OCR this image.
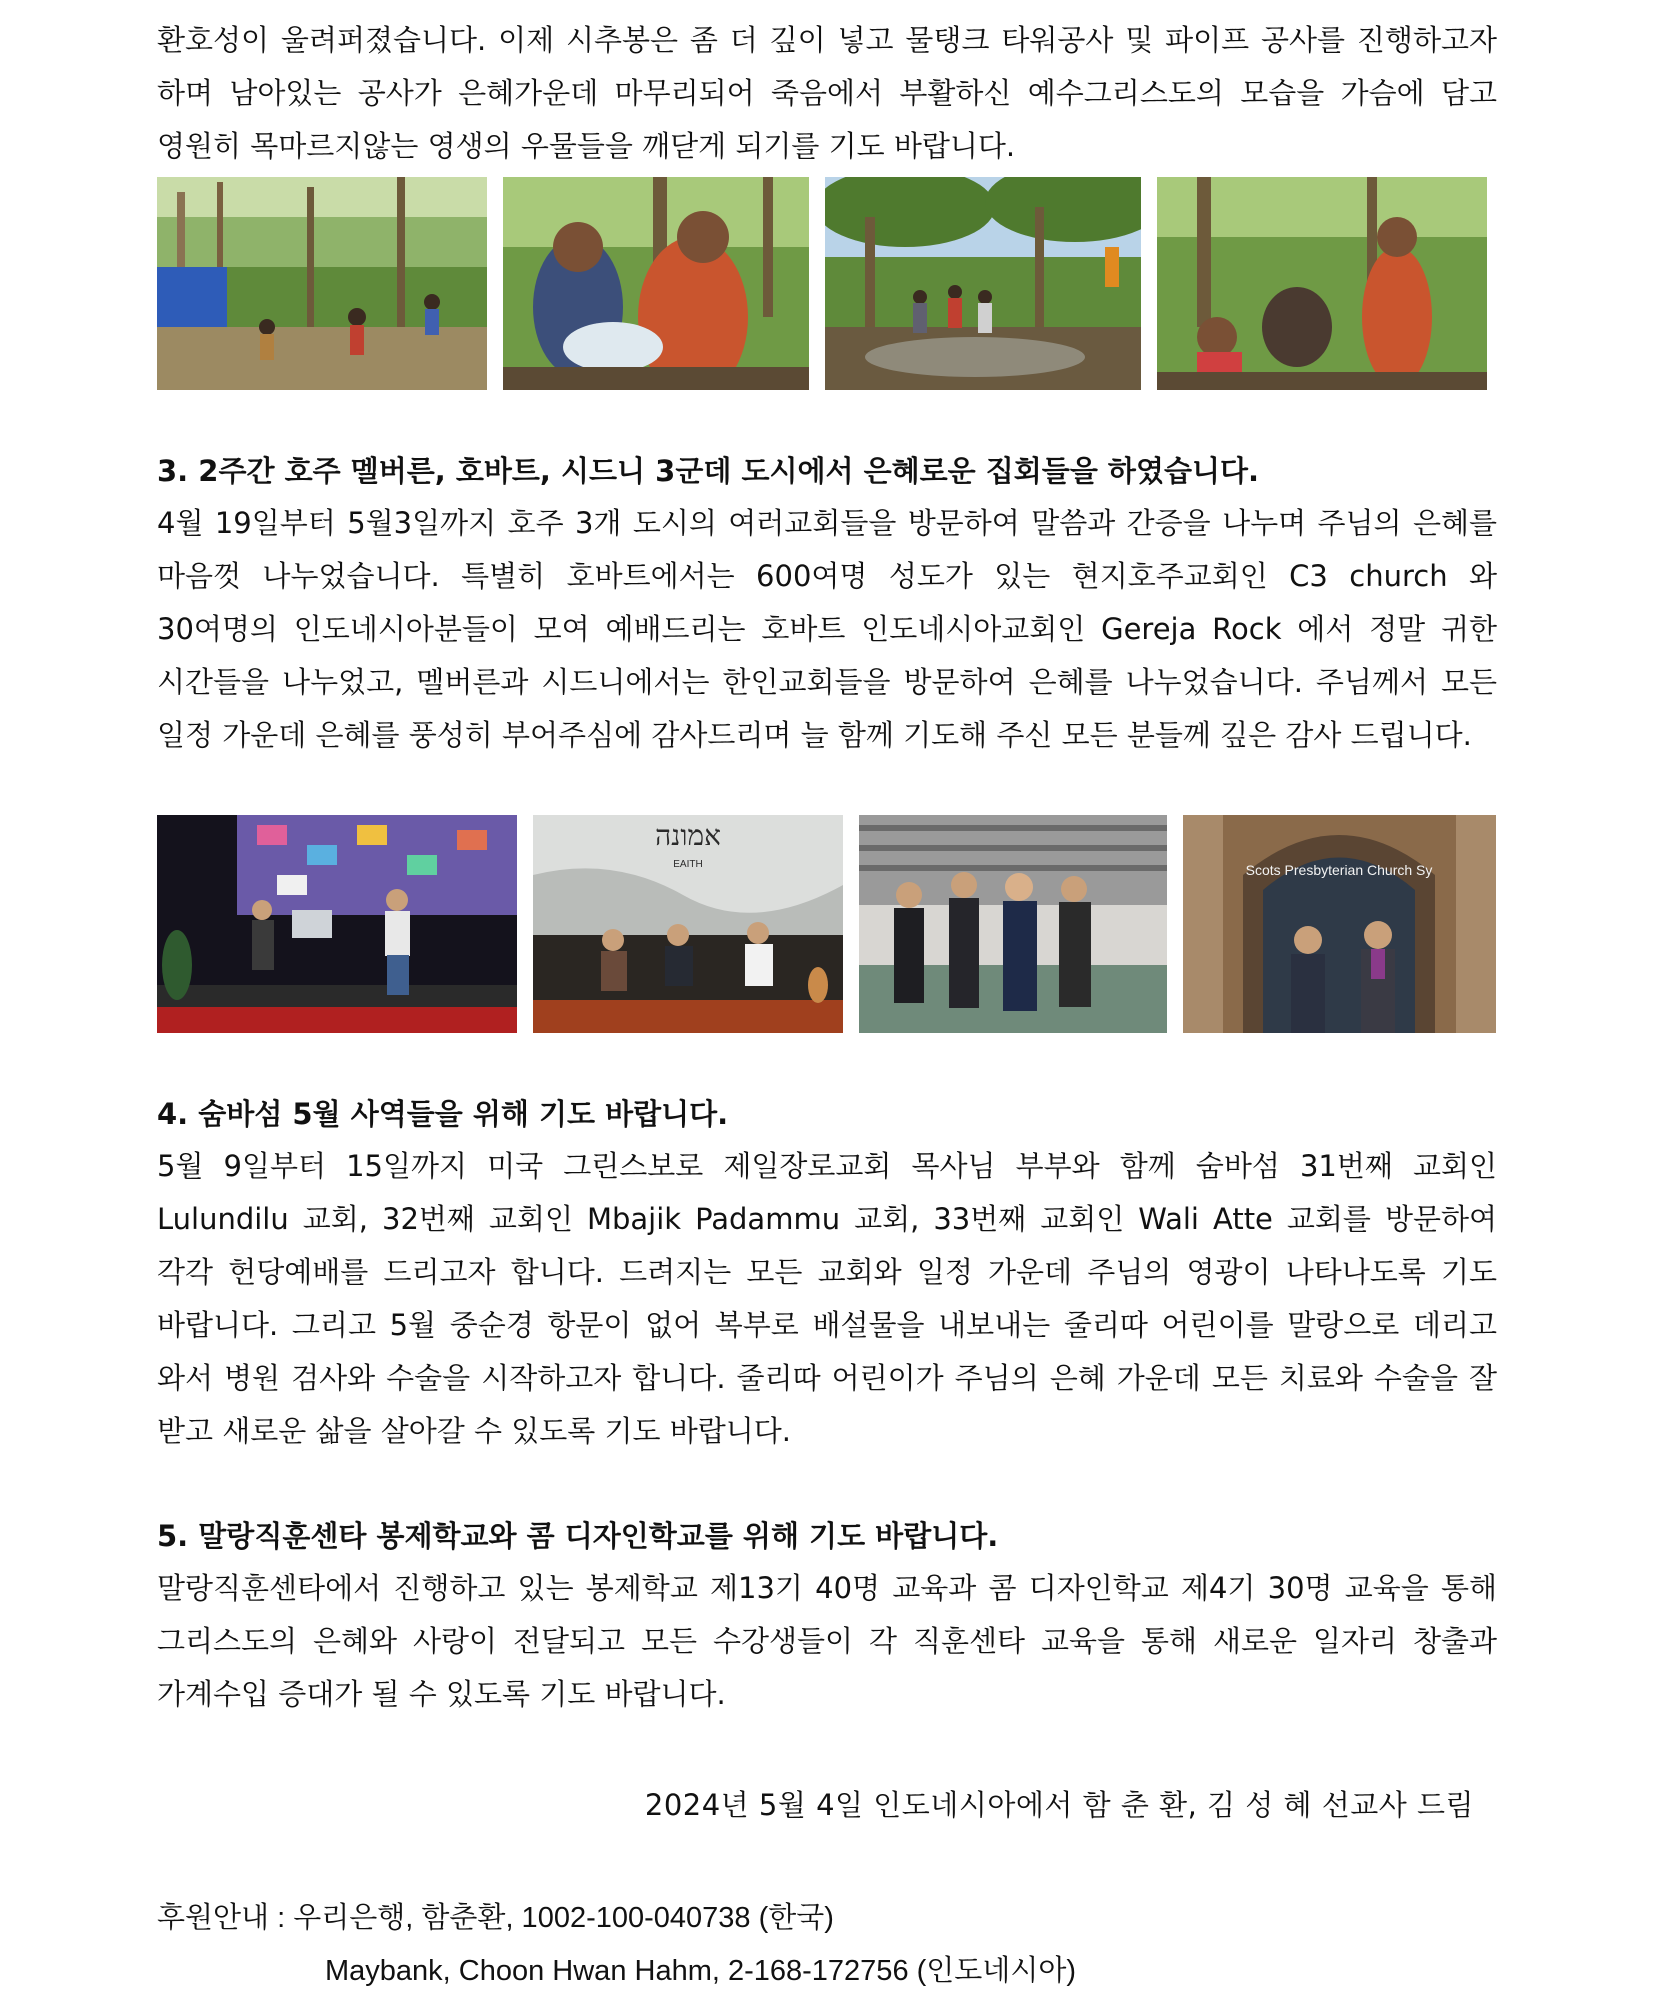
환호성이 울려퍼졌습니다. 이제 시추봉은 좀 더 깊이 넣고 물탱크 타워공사 및 파이프 공사를 진행하고자 하며 남아있는 공사가 은혜가운데 마무리되어 죽음에서 부활하신 예수그리스도의 모습을 가슴에 담고 영원히 목마르지않는 영생의 우물들을 깨닫게 되기를 기도 바랍니다.

3. 2주간 호주 멜버른, 호바트, 시드니 3군데 도시에서 은혜로운 집회들을 하였습니다.

4월 19일부터 5월3일까지 호주 3개 도시의 여러교회들을 방문하여 말씀과 간증을 나누며 주님의 은혜를 마음껏 나누었습니다. 특별히 호바트에서는 600여명 성도가 있는 현지호주교회인 C3 church 와 30여명의 인도네시아분들이 모여 예배드리는 호바트 인도네시아교회인 Gereja Rock 에서 정말 귀한 시간들을 나누었고, 멜버른과 시드니에서는 한인교회들을 방문하여 은혜를 나누었습니다. 주님께서 모든 일정 가운데 은혜를 풍성히 부어주심에 감사드리며 늘 함께 기도해 주신 모든 분들께 깊은 감사 드립니다.

אמונה
EAITH	Scots Presbyterian Church Sy

4. 숨바섬 5월 사역들을 위해 기도 바랍니다.

5월 9일부터 15일까지 미국 그린스보로 제일장로교회 목사님 부부와 함께 숨바섬 31번째 교회인 Lulundilu 교회, 32번째 교회인 Mbajik Padammu 교회, 33번째 교회인 Wali Atte 교회를 방문하여 각각 헌당예배를 드리고자 합니다. 드려지는 모든 교회와 일정 가운데 주님의 영광이 나타나도록 기도 바랍니다. 그리고 5월 중순경 항문이 없어 복부로 배설물을 내보내는 줄리따 어린이를 말랑으로 데리고 와서 병원 검사와 수술을 시작하고자 합니다. 줄리따 어린이가 주님의 은혜 가운데 모든 치료와 수술을 잘 받고 새로운 삶을 살아갈 수 있도록 기도 바랍니다.

5. 말랑직훈센타 봉제학교와 콤 디자인학교를 위해 기도 바랍니다.

말랑직훈센타에서 진행하고 있는 봉제학교 제13기 40명 교육과 콤 디자인학교 제4기 30명 교육을 통해 그리스도의 은혜와 사랑이 전달되고 모든 수강생들이 각 직훈센타 교육을 통해 새로운 일자리 창출과 가계수입 증대가 될 수 있도록 기도 바랍니다.

2024년 5월 4일 인도네시아에서 함 춘 환, 김 성 혜 선교사 드림
후원안내 : 우리은행, 함춘환, 1002-100-040738 (한국)
Maybank, Choon Hwan Hahm, 2-168-172756 (인도네시아)
